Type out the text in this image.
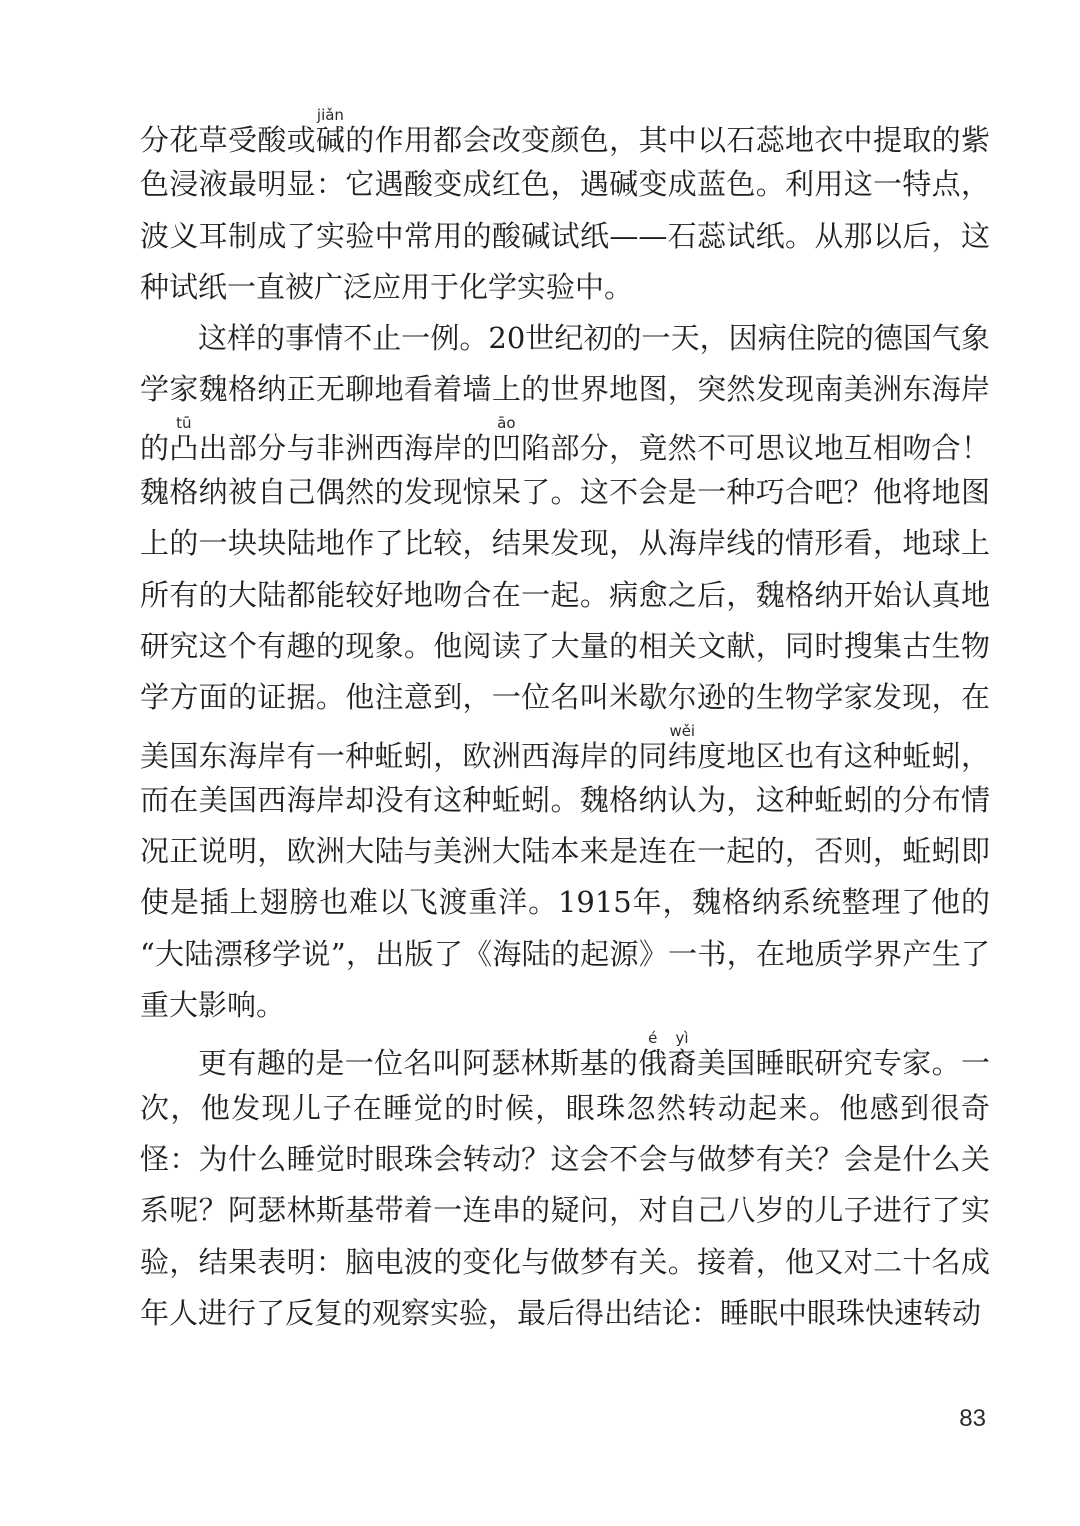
分花草受酸或碱jiǎn的作用都会改变颜色，其中以石蕊地衣中提取的紫
色浸液最明显：它遇酸变成红色，遇碱变成蓝色。利用这一特点，
波义耳制成了实验中常用的酸碱试纸——石蕊试纸。从那以后，这
种试纸一直被广泛应用于化学实验中。
这样的事情不止一例。20世纪初的一天，因病住院的德国气象
学家魏格纳正无聊地看着墙上的世界地图，突然发现南美洲东海岸
的凸tū出部分与非洲西海岸的凹āo陷部分，竟然不可思议地互相吻合！
魏格纳被自己偶然的发现惊呆了。这不会是一种巧合吧？他将地图
上的一块块陆地作了比较，结果发现，从海岸线的情形看，地球上
所有的大陆都能较好地吻合在一起。病愈之后，魏格纳开始认真地
研究这个有趣的现象。他阅读了大量的相关文献，同时搜集古生物
学方面的证据。他注意到，一位名叫米歇尔逊的生物学家发现，在
美国东海岸有一种蚯蚓，欧洲西海岸的同纬wěi度地区也有这种蚯蚓，
而在美国西海岸却没有这种蚯蚓。魏格纳认为，这种蚯蚓的分布情
况正说明，欧洲大陆与美洲大陆本来是连在一起的，否则，蚯蚓即
使是插上翅膀也难以飞渡重洋。1915年，魏格纳系统整理了他的
“大陆漂移学说”，出版了《海陆的起源》一书，在地质学界产生了
重大影响。
更有趣的是一位名叫阿瑟林斯基的俄é裔yì美国睡眠研究专家。一
次，他发现儿子在睡觉的时候，眼珠忽然转动起来。他感到很奇
怪：为什么睡觉时眼珠会转动？这会不会与做梦有关？会是什么关
系呢？阿瑟林斯基带着一连串的疑问，对自己八岁的儿子进行了实
验，结果表明：脑电波的变化与做梦有关。接着，他又对二十名成
年人进行了反复的观察实验，最后得出结论：睡眠中眼珠快速转动
83
